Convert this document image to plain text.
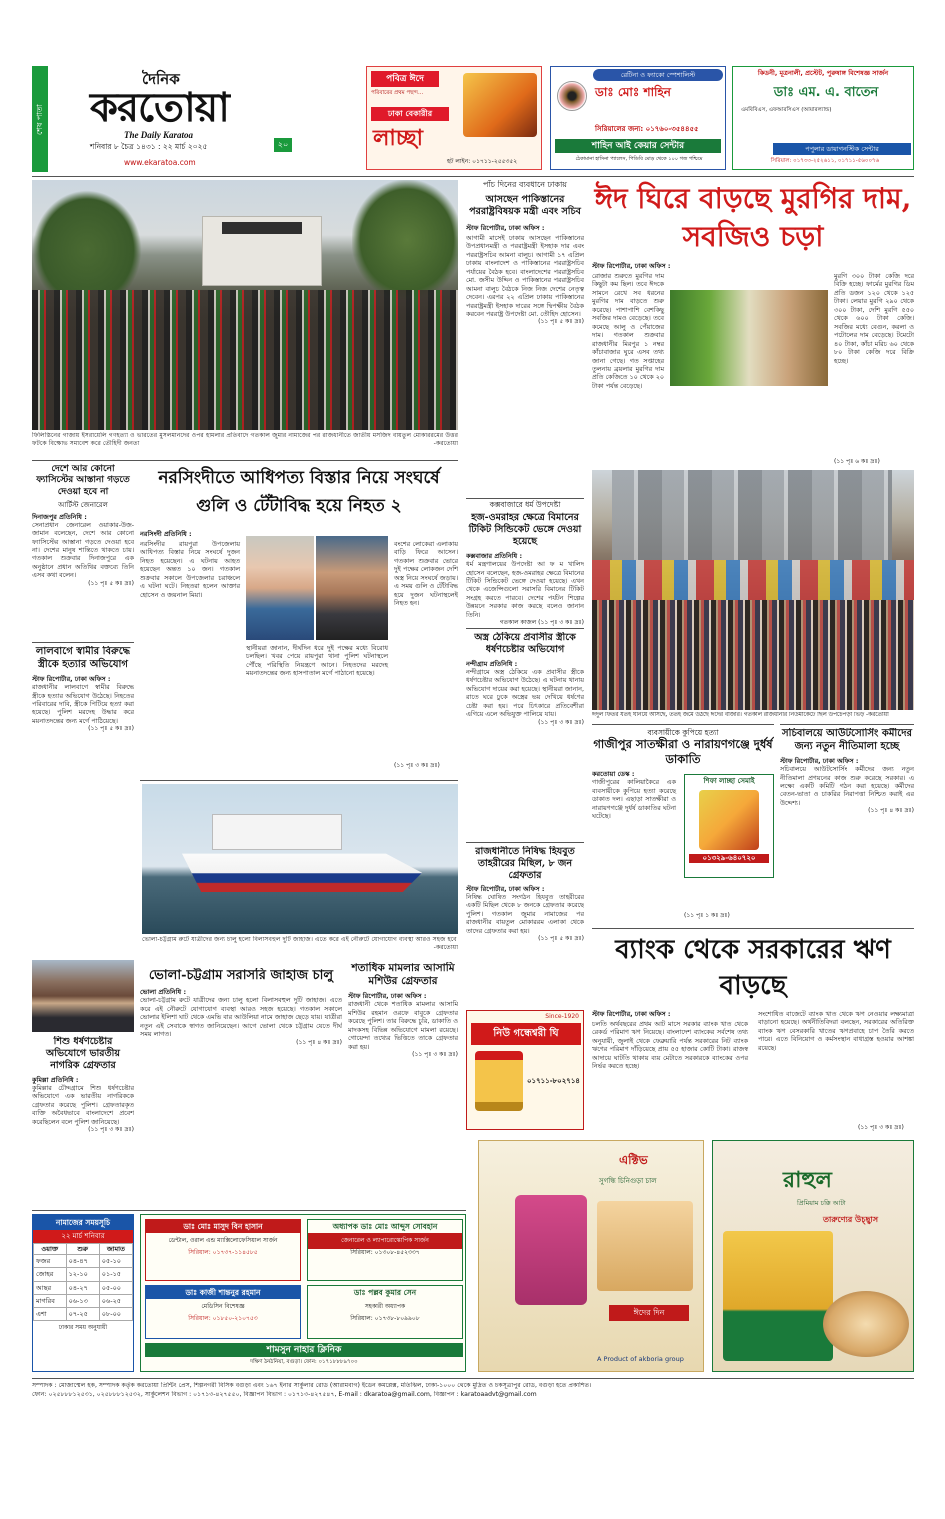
শেষ পাতা
দৈনিক
করতোয়া
The Daily Karatoa
শনিবার ৮ চৈত্র ১৪৩১ : ২২ মার্চ ২০২৫	২০
www.ekaratoa.com
পবিত্র ঈদে
পরিবারের প্রথম পছন্দ...
ঢাকা বেকারীর
লাচ্ছা
হট লাইন: ০১৭১১-২৫৫৩৫২
রেটিনা ও ফ্যাকো স্পেশালিস্ট
ডাঃ মোঃ শাহিন
সিরিয়ালের জন্য: ০১৭৬০-৩৫৪৪৫৫
শাহিন আই কেয়ার সেন্টার
ঠেকামানা হাসিনা প্যালেস, পিডিবি মোড় থেকে ১০০ গজ পশ্চিমে
কিডনী, মূত্রনালী, প্রস্টেট, পুরুষাঙ্গ বিশেষজ্ঞ সার্জন
ডাঃ এম. এ. বাতেন
এমবিবিএস, এফআরসিএস (আয়ারল্যান্ড)
পপুলার ডায়াগনস্টিক সেন্টার
সিরিয়াল: ০১৭৩৩-২৫২৬১১, ০১৭১১-৫৬০০৭৬
ফিলিস্তিনের গাজায় ইসরায়েলি গণহত্যা ও ভারতের মুসলমানদের ওপর হামলার প্রতিবাদে গতকাল জুমার নামাজের পর রাজধানীতে জাতীয় মসজিদ বায়তুল মোকাররমের উত্তর ফটকে বিক্ষোভ সমাবেশ করে তৌহিদী জনতা	-করতোয়া
পাঁচ দিনের ব্যবধানে ঢাকায়
আসছেন পাকিস্তানের পররাষ্ট্রবিষয়ক মন্ত্রী এবং সচিব
স্টাফ রিপোর্টার, ঢাকা অফিস :
আগামী মাসেই ঢাকায় আসছেন পাকিস্তানের উপপ্রধানমন্ত্রী ও পররাষ্ট্রমন্ত্রী ইসহাক দার এবং পররাষ্ট্রসচিব আমনা বালুচ। আগামী ১৭ এপ্রিল ঢাকায় বাংলাদেশ ও পাকিস্তানের পররাষ্ট্রসচিব পর্যায়ের বৈঠক হবে। বাংলাদেশের পররাষ্ট্রসচিব মো. জসীম উদ্দিন ও পাকিস্তানের পররাষ্ট্রসচিব আমনা বালুচ বৈঠকে নিজ নিজ দেশের নেতৃত্ব দেবেন। এরপর ২২ এপ্রিল ঢাকায় পাকিস্তানের পররাষ্ট্রমন্ত্রী ইসহাক দারের সঙ্গে দ্বিপক্ষীয় বৈঠক করবেন পররাষ্ট্র উপদেষ্টা মো. তৌহিদ হোসেন।
(১১ পৃঃ ৫ কঃ দ্রঃ)
কক্সবাজারে ধর্ম উপদেষ্টা
হজ-ওমরাহর ক্ষেত্রে বিমানের টিকিট সিন্ডিকেট ভেঙ্গে দেওয়া হয়েছে
কক্সবাজার প্রতিনিধি :
ধর্ম মন্ত্রণালয়ের উপদেষ্টা আ ফ ম খালিদ হোসেন বলেছেন, হজ-ওমরাহর ক্ষেত্রে বিমানের টিকিট সিন্ডিকেট ভেঙ্গে দেওয়া হয়েছে। এখন থেকে এজেন্সিগুলো সরাসরি বিমানের টিকিট সংগ্রহ করতে পারবে। দেশের পর্যটন শিল্পের উন্নয়নে সরকার কাজ করছে বলেও জানান তিনি।
গতকাল কাজল (১১ পৃঃ ৩ কঃ দ্রঃ)
ঈদ ঘিরে বাড়ছে মুরগির দাম, সবজিও চড়া
স্টাফ রিপোর্টার, ঢাকা অফিস :
রোজার শুরুতে মুরগির দাম কিছুটা কম ছিল। তবে ঈদকে সামনে রেখে সব ধরনের মুরগির দাম বাড়তে শুরু করেছে। পাশাপাশি বেশকিছু সবজির দামও বেড়েছে। তবে কমেছে আলু ও পেঁয়াজের দাম। গতকাল শুক্রবার রাজধানীর মিরপুর ১ নম্বর কাঁচাবাজার ঘুরে এসব তথ্য জানা গেছে। গত সপ্তাহের তুলনায় ব্রয়লার মুরগির দাম প্রতি কেজিতে ১০ থেকে ২০ টাকা পর্যন্ত বেড়েছে।
মুরগি ৩০০ টাকা কেজি দরে বিক্রি হচ্ছে। ফার্মের মুরগির ডিম প্রতি ডজন ১২০ থেকে ১২৫ টাকা। লেয়ার মুরগি ২৯০ থেকে ৩০০ টাকা, দেশি মুরগি ৫৫০ থেকে ৬০০ টাকা কেজি। সবজির মধ্যে বেগুন, করলা ও পটোলের দাম বেড়েছে। টমেটো ৪০ টাকা, কাঁচা মরিচ ৬০ থেকে ৮০ টাকা কেজি দরে বিক্রি হচ্ছে।
(১১ পৃঃ ৬ কঃ দ্রঃ)
ঈদুল ফিতর যতই ঘনিয়ে আসছে, ততই জমে উঠছে ঈদের বাজার। গতকাল রাজধানীর নিউমার্কেটে ছিল উপচেপড়া ভিড় -করতোয়া
দেশে আর কোনো ফ্যাসিস্টের আস্তানা গড়তে দেওয়া হবে না
আর্টিস্ট জেনারেল
দিনাজপুর প্রতিনিধি :
সেনাপ্রধান জেনারেল ওয়াকার-উজ-জামান বলেছেন, দেশে আর কোনো ফ্যাসিস্টের আস্তানা গড়তে দেওয়া হবে না। দেশের মানুষ শান্তিতে থাকতে চায়। গতকাল শুক্রবার দিনাজপুরে এক অনুষ্ঠানে প্রধান অতিথির বক্তব্যে তিনি এসব কথা বলেন।
(১১ পৃঃ ৫ কঃ দ্রঃ)
নরসিংদীতে আধিপত্য বিস্তার নিয়ে সংঘর্ষে গুলি ও টেঁটাবিদ্ধ হয়ে নিহত ২
নরসিংদী প্রতিনিধি :
নরসিংদীর রায়পুরা উপজেলায় আধিপত্য বিস্তার নিয়ে সংঘর্ষে দুজন নিহত হয়েছেন। এ ঘটনায় আহত হয়েছেন অন্তত ১০ জন। গতকাল শুক্রবার সকালে উপজেলার চরাঞ্চলে এ ঘটনা ঘটে। নিহতরা হলেন আক্তার হোসেন ও জয়নাল মিয়া।
বংশের লোকেরা এলাকায় বাড়ি ফিরে আসেন। গতকাল শুক্রবার ভোরে দুই পক্ষের লোকজন দেশি অস্ত্র নিয়ে সংঘর্ষে জড়ায়। এ সময় গুলি ও টেঁটাবিদ্ধ হয়ে দুজন ঘটনাস্থলেই নিহত হন।
স্থানীয়রা জানান, দীর্ঘদিন ধরে দুই পক্ষের মধ্যে বিরোধ চলছিল। খবর পেয়ে রায়পুরা থানা পুলিশ ঘটনাস্থলে পৌঁছে পরিস্থিতি নিয়ন্ত্রণে আনে। নিহতদের মরদেহ ময়নাতদন্তের জন্য হাসপাতাল মর্গে পাঠানো হয়েছে।
(১১ পৃঃ ৩ কঃ দ্রঃ)
লালবাগে স্বামীর বিরুদ্ধে স্ত্রীকে হত্যার অভিযোগ
স্টাফ রিপোর্টার, ঢাকা অফিস :
রাজধানীর লালবাগে স্বামীর বিরুদ্ধে স্ত্রীকে হত্যার অভিযোগ উঠেছে। নিহতের পরিবারের দাবি, স্ত্রীকে পিটিয়ে হত্যা করা হয়েছে। পুলিশ মরদেহ উদ্ধার করে ময়নাতদন্তের জন্য মর্গে পাঠিয়েছে।
(১১ পৃঃ ৫ কঃ দ্রঃ)
অস্ত্র ঠেকিয়ে প্রবাসীর স্ত্রীকে ধর্ষণচেষ্টার অভিযোগ
নন্দীগ্রাম প্রতিনিধি :
নন্দীগ্রামে অস্ত্র ঠেকিয়ে এক প্রবাসীর স্ত্রীকে ধর্ষণচেষ্টার অভিযোগ উঠেছে। এ ঘটনায় থানায় অভিযোগ দায়ের করা হয়েছে। স্থানীয়রা জানান, রাতে ঘরে ঢুকে অস্ত্রের ভয় দেখিয়ে ধর্ষণের চেষ্টা করা হয়। পরে চিৎকারে প্রতিবেশীরা এগিয়ে এলে অভিযুক্ত পালিয়ে যায়।
(১১ পৃঃ ৩ কঃ দ্রঃ)
সচিবালয়ে আউটসোর্সিং কর্মীদের জন্য নতুন নীতিমালা হচ্ছে
স্টাফ রিপোর্টার, ঢাকা অফিস :
সচিবালয়ে আউটসোর্সিং কর্মীদের জন্য নতুন নীতিমালা প্রণয়নের কাজ শুরু করেছে সরকার। এ লক্ষ্যে একটি কমিটি গঠন করা হয়েছে। কর্মীদের বেতন-ভাতা ও চাকরির নিরাপত্তা নিশ্চিত করাই এর উদ্দেশ্য।
(১১ পৃঃ ৪ কঃ দ্রঃ)
ব্যবসায়ীকে কুপিয়ে হত্যা
গাজীপুর সাতক্ষীরা ও নারায়ণগঞ্জে দুর্ধর্ষ ডাকাতি
করতোয়া ডেস্ক :
গাজীপুরের কালিয়াকৈরে এক ব্যবসায়ীকে কুপিয়ে হত্যা করেছে ডাকাত দল। এছাড়া সাতক্ষীরা ও নারায়ণগঞ্জে দুর্ধর্ষ ডাকাতির ঘটনা ঘটেছে।
শিফা লাচ্ছা সেমাই
০১৩২৯-৬৪০৭২০
(১১ পৃঃ ১ কঃ দ্রঃ)
ভোলা-চট্টগ্রাম রুটে যাত্রীদের জন্য চালু হলো বিলাসবহুল দুটি জাহাজ। এতে করে এই নৌরুটে যোগাযোগ ব্যবস্থা আরও সহজ হবে
-করতোয়া
রাজধানীতে নিষিদ্ধ হিযবুত তাহরীরের মিছিল, ৮ জন গ্রেফতার
স্টাফ রিপোর্টার, ঢাকা অফিস :
নিষিদ্ধ ঘোষিত সংগঠন হিযবুত তাহরীরের একটি মিছিল থেকে ৮ জনকে গ্রেফতার করেছে পুলিশ। গতকাল জুমার নামাজের পর রাজধানীর বায়তুল মোকাররম এলাকা থেকে তাদের গ্রেফতার করা হয়।
(১১ পৃঃ ৫ কঃ দ্রঃ)
শিশু ধর্ষণচেষ্টার অভিযোগে ভারতীয় নাগরিক গ্রেফতার
কুমিল্লা প্রতিনিধি :
কুমিল্লার চৌদ্দগ্রামে শিশু ধর্ষণচেষ্টার অভিযোগে এক ভারতীয় নাগরিককে গ্রেফতার করেছে পুলিশ। গ্রেফতারকৃত ব্যক্তি অবৈধভাবে বাংলাদেশে প্রবেশ করেছিলেন বলে পুলিশ জানিয়েছে।
(১১ পৃঃ ৩ কঃ দ্রঃ)
ভোলা-চট্টগ্রাম সরাসরি জাহাজ চালু
ভোলা প্রতিনিধি :
ভোলা-চট্টগ্রাম রুটে যাত্রীদের জন্য চালু হলো বিলাসবহুল দুটি জাহাজ। এতে করে এই নৌরুটে যোগাযোগ ব্যবস্থা আরও সহজ হয়েছে। গতকাল সকালে ভোলার ইলিশা ঘাট থেকে এমভি বার আউলিয়া নামে জাহাজ ছেড়ে যায়। যাত্রীরা নতুন এই সেবাকে স্বাগত জানিয়েছেন। আগে ভোলা থেকে চট্টগ্রাম যেতে দীর্ঘ সময় লাগত।
(১১ পৃঃ ৪ কঃ দ্রঃ)
শতাধিক মামলার আসামি মশিউর গ্রেফতার
স্টাফ রিপোর্টার, ঢাকা অফিস :
রাজধানী থেকে শতাধিক মামলার আসামি মশিউর রহমান ওরফে বাবুকে গ্রেফতার করেছে পুলিশ। তার বিরুদ্ধে চুরি, ডাকাতি ও মাদকসহ বিভিন্ন অভিযোগে মামলা রয়েছে। গোয়েন্দা তথ্যের ভিত্তিতে তাকে গ্রেফতার করা হয়।
(১১ পৃঃ ৩ কঃ দ্রঃ)
Since-1920
নিউ গন্ধেশ্বরী ঘি
০১৭১১-৮০২৭১৪
ব্যাংক থেকে সরকারের ঋণ বাড়ছে
স্টাফ রিপোর্টার, ঢাকা অফিস :
চলতি অর্থবছরের প্রথম আট মাসে সরকার ব্যাংক খাত থেকে রেকর্ড পরিমাণ ঋণ নিয়েছে। বাংলাদেশ ব্যাংকের সর্বশেষ তথ্য অনুযায়ী, জুলাই থেকে ফেব্রুয়ারি পর্যন্ত সরকারের নিট ব্যাংক ঋণের পরিমাণ দাঁড়িয়েছে প্রায় ৫৫ হাজার কোটি টাকা। রাজস্ব আদায়ে ঘাটতি থাকায় ব্যয় মেটাতে সরকারকে ব্যাংকের ওপর নির্ভর করতে হচ্ছে।
সংশোধিত বাজেটে ব্যাংক খাত থেকে ঋণ নেওয়ার লক্ষ্যমাত্রা বাড়ানো হয়েছে। অর্থনীতিবিদরা বলছেন, সরকারের অতিরিক্ত ব্যাংক ঋণ বেসরকারি খাতের ঋণপ্রবাহে চাপ তৈরি করতে পারে। এতে বিনিয়োগ ও কর্মসংস্থান বাধাগ্রস্ত হওয়ার আশঙ্কা রয়েছে।
(১১ পৃঃ ৩ কঃ দ্রঃ)
নামাজের সময়সূচি
২২ মার্চ শনিবার
ওয়াক্ত	শুরু	জামাত
ফজর	০৪-৪৭	০৫-১০
জোহর	১২-১০	০১-১৫
আছর	০৪-২৭	০৫-০০
মাগরিব	০৬-১৩	০৬-২৫
এশা	০৭-২৫	০৮-০০
ঢাকার সময় অনুযায়ী
ডাঃ মোঃ মাসুদ বিন হাসান
ডেন্টাল, ওরাল এন্ড ম্যাক্সিলোফেসিয়াল সার্জন
সিরিয়াল: ০১৭৩৭-১১৪৫৮৫
ডাঃ কাজী শান্তনুর রহমান
মেডিসিন বিশেষজ্ঞ
সিরিয়াল: ০১৮৫০-২১০৭৫৩
অধ্যাপক ডাঃ মোঃ আব্দুস সোবহান
জেনারেল ও ল্যাপারোস্কোপিক সার্জন
সিরিয়াল: ০১৩০৮-৪৫২৩৩৭
ডাঃ পল্লব কুমার সেন
সহকারী অধ্যাপক
সিরিয়াল: ০১৭৩৮-৮০৯৯০৮
শামসুন নাহার ক্লিনিক
দক্ষিণ ঠনঠনিয়া, বগুড়া। ফোন: ০১৭১৮৮৮৯৭০০
সুগন্ধি চিনিগুড়া চাল
এক্টিভ
ঈদের দিন
A Product of akboria group
রাহুল
প্রিমিয়াম চক্কি আটা
তারুণ্যের উচ্ছ্বাস
সম্পাদক : মোজাম্মেল হক, সম্পাদক কর্তৃক করতোয়া প্রিন্টিং প্রেস, শিল্পনগরী বিসিক বগুড়া এবং ১৬৭ ইনার সার্কুলার রোড (আরামবাগ) ইডেন কমপ্লেক্স, মতিঝিল, ঢাকা-১০০০ থেকে মুদ্রিত ও চকসূত্রাপুর রোড, বগুড়া হতে প্রকাশিত।
ফোন: ০২৫৮৮৮১২৫৩১, ০২৫৮৮৮১২৫৩২, সার্কুলেশন বিভাগ : ০১৭১৩-৪২৭৫৫০, বিজ্ঞাপন বিভাগ : ০১৭১৩-৪২৭৫৪৭, E-mail : dkaratoa@gmail.com, বিজ্ঞাপন : karatoaadvt@gmail.com
